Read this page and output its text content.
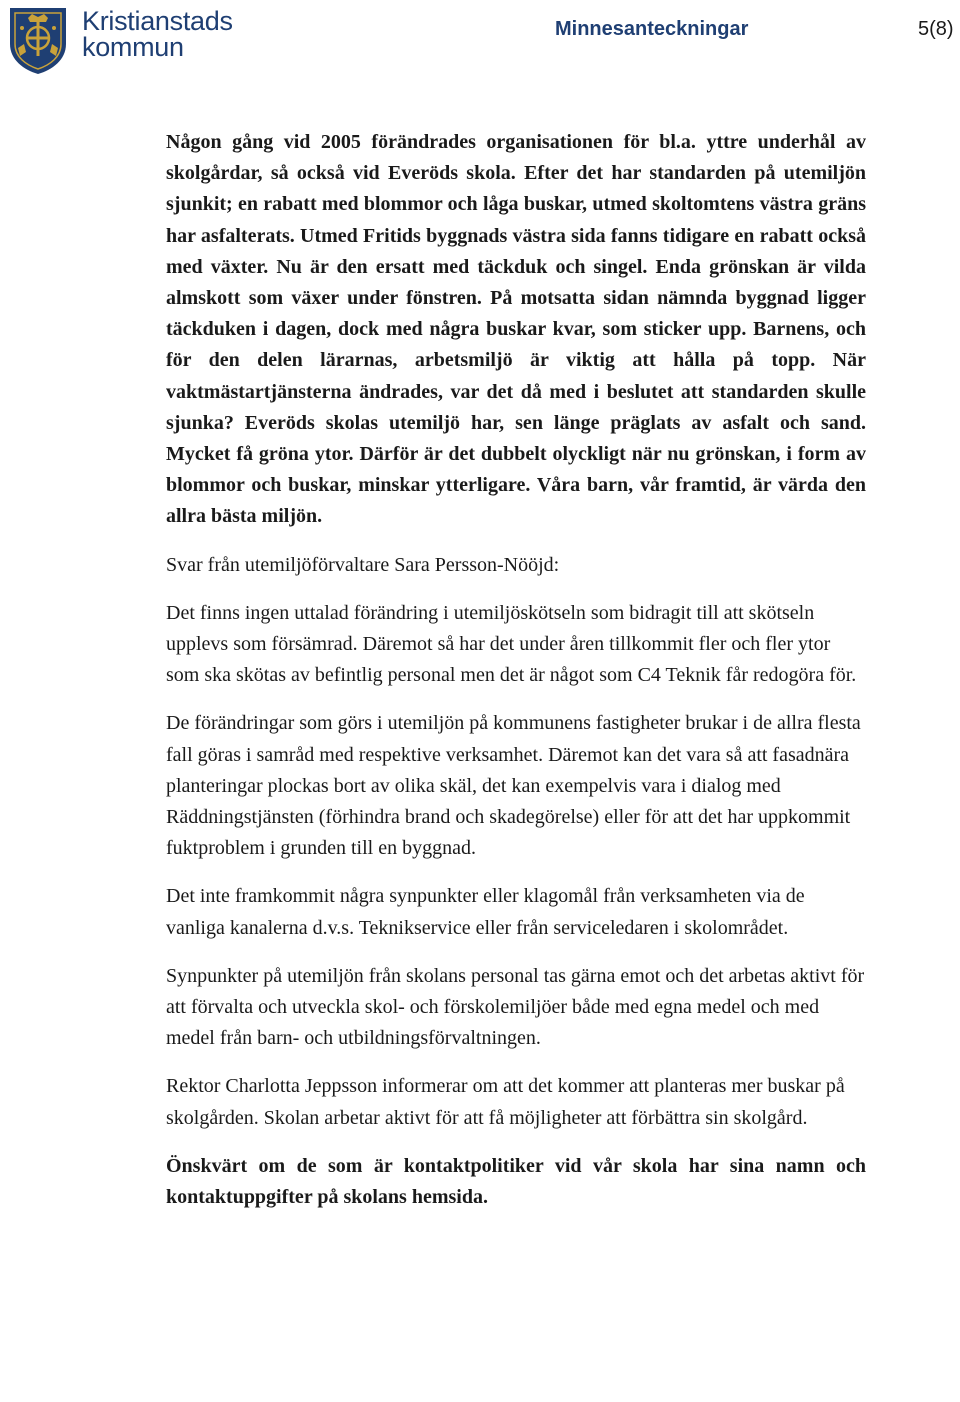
Kristianstads
kommun
Minnesanteckningar	5(8)

Någon gång vid 2005 förändrades organisationen för bl.a. yttre underhål av skolgårdar, så också vid Everöds skola. Efter det har standarden på utemiljön sjunkit; en rabatt med blommor och låga buskar, utmed skoltomtens västra gräns har asfalterats. Utmed Fritids byggnads västra sida fanns tidigare en rabatt också med växter. Nu är den ersatt med täckduk och singel. Enda grönskan är vilda almskott som växer under fönstren. På motsatta sidan nämnda byggnad ligger täckduken i dagen, dock med några buskar kvar, som sticker upp. Barnens, och för den delen lärarnas, arbetsmiljö är viktig att hålla på topp. När vaktmästartjänsterna ändrades, var det då med i beslutet att standarden skulle sjunka? Everöds skolas utemiljö har, sen länge präglats av asfalt och sand. Mycket få gröna ytor. Därför är det dubbelt olyckligt när nu grönskan, i form av blommor och buskar, minskar ytterligare. Våra barn, vår framtid, är värda den allra bästa miljön.

Svar från utemiljöförvaltare Sara Persson-Nööjd:

Det finns ingen uttalad förändring i utemiljöskötseln som bidragit till att skötseln upplevs som försämrad. Däremot så har det under åren tillkommit fler och fler ytor som ska skötas av befintlig personal men det är något som C4 Teknik får redogöra för.

De förändringar som görs i utemiljön på kommunens fastigheter brukar i de allra flesta fall göras i samråd med respektive verksamhet. Däremot kan det vara så att fasadnära planteringar plockas bort av olika skäl, det kan exempelvis vara i dialog med Räddningstjänsten (förhindra brand och skadegörelse) eller för att det har uppkommit fuktproblem i grunden till en byggnad.

Det inte framkommit några synpunkter eller klagomål från verksamheten via de vanliga kanalerna d.v.s. Teknikservice eller från serviceledaren i skolområdet.

Synpunkter på utemiljön från skolans personal tas gärna emot och det arbetas aktivt för att förvalta och utveckla skol- och förskolemiljöer både med egna medel och med medel från barn- och utbildningsförvaltningen.

Rektor Charlotta Jeppsson informerar om att det kommer att planteras mer buskar på skolgården. Skolan arbetar aktivt för att få möjligheter att förbättra sin skolgård.

Önskvärt om de som är kontaktpolitiker vid vår skola har sina namn och kontaktuppgifter på skolans hemsida.
